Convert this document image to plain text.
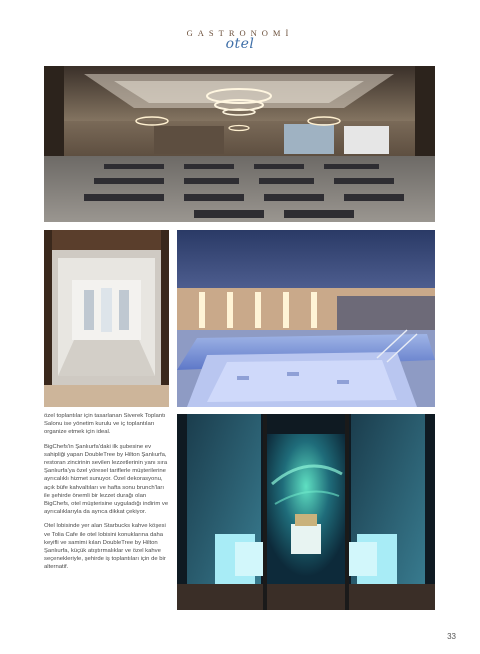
GASTRONOMİ
otel

özel toplantılar için tasarlanan Siverek Toplantı Salonu ise yönetim kurulu ve iç toplantıları organize etmek için ideal.

BigChefs'in Şanlıurfa'daki ilk şubesine ev sahipliği yapan DoubleTree by Hilton Şanlıurfa, restoran zincirinin sevilen lezzetlerinin yanı sıra Şanlıurfa'ya özel yöresel tariflerle müşterilerine ayrıcalıklı hizmet sunuyor. Özel dekorasyonu, açık büfe kahvaltıları ve hafta sonu brunch'ları ile şehirde önemli bir lezzet durağı olan BigChefs, otel müşterisine uyguladığı indirim ve ayrıcalıklarıyla da ayrıca dikkat çekiyor.

Otel lobisinde yer alan Starbucks kahve köşesi ve Tolia Cafe ile otel lobisini konuklarına daha keyifli ve samimi kılan DoubleTree by Hilton Şanlıurfa, küçük atıştırmalıklar ve özel kahve seçenekleriyle, şehirde iş toplantıları için de bir alternatif.

33
